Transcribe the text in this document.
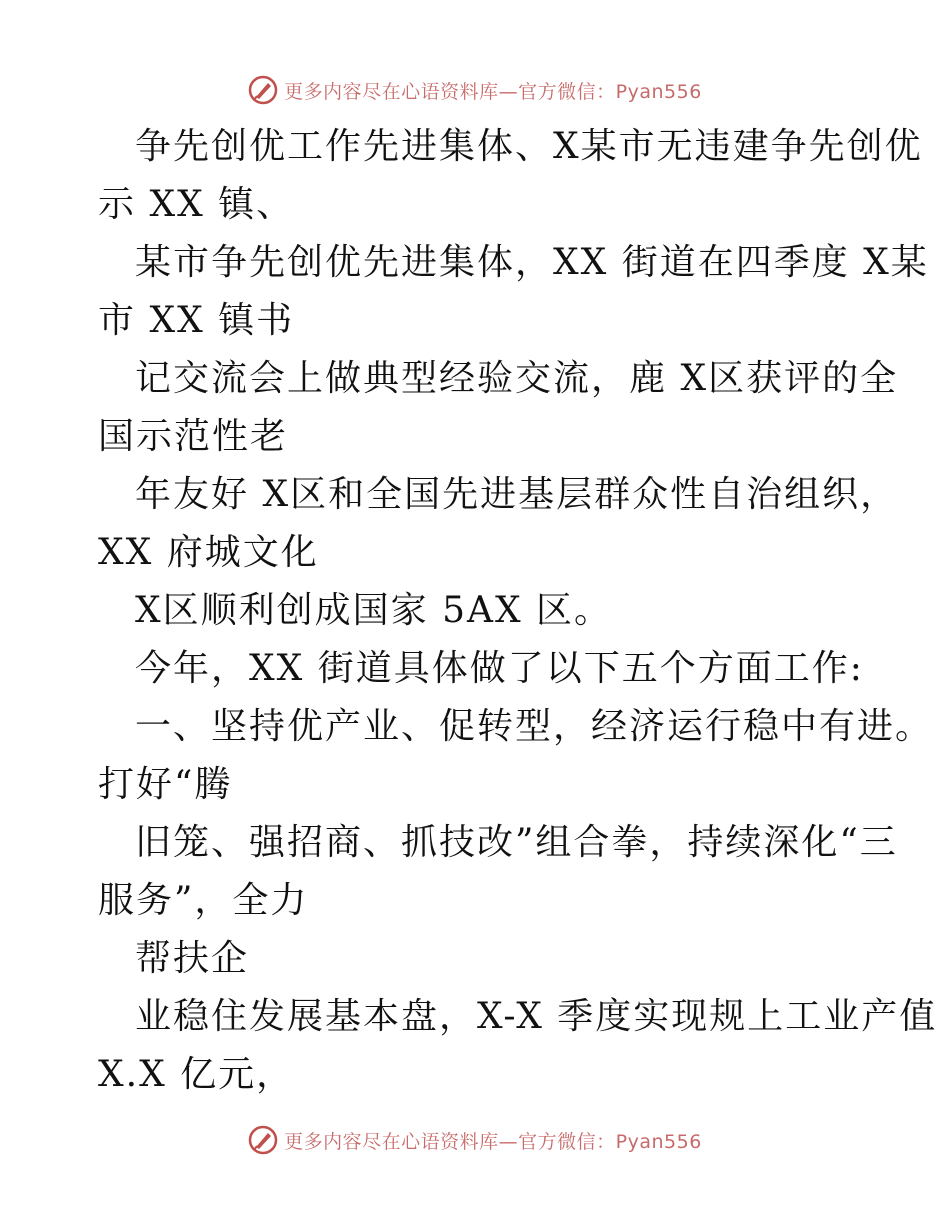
更多内容尽在心语资料库—官方微信：Pyan556
争先创优工作先进集体、X某市无违建争先创优
示 XX 镇、
某市争先创优先进集体，XX 街道在四季度 X某
市 XX 镇书
记交流会上做典型经验交流，鹿 X区获评的全
国示范性老
年友好 X区和全国先进基层群众性自治组织，
XX 府城文化
X区顺利创成国家 5AX 区。
今年，XX 街道具体做了以下五个方面工作:
一、坚持优产业、促转型，经济运行稳中有进。
打好“腾
旧笼、强招商、抓技改”组合拳，持续深化“三
服务”，全力
帮扶企
业稳住发展基本盘，X-X 季度实现规上工业产值
X.X 亿元，
更多内容尽在心语资料库—官方微信：Pyan556
